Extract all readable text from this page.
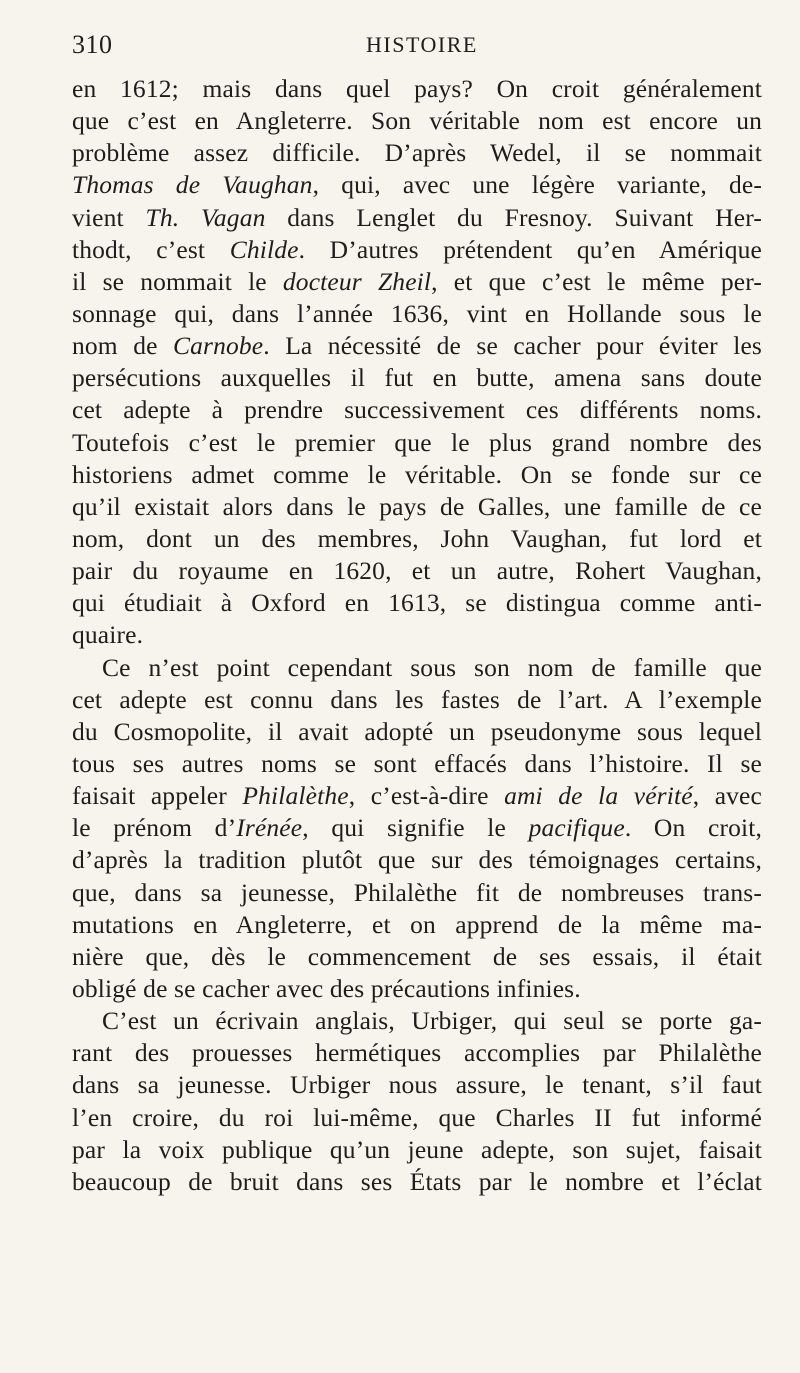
310	HISTOIRE
en 1612; mais dans quel pays? On croit généralement
que c’est en Angleterre. Son véritable nom est encore un
problème assez difficile. D’après Wedel, il se nommait
Thomas de Vaughan, qui, avec une légère variante, de-
vient Th. Vagan dans Lenglet du Fresnoy. Suivant Her-
thodt, c’est Childe. D’autres prétendent qu’en Amérique
il se nommait le docteur Zheil, et que c’est le même per-
sonnage qui, dans l’année 1636, vint en Hollande sous le
nom de Carnobe. La nécessité de se cacher pour éviter les
persécutions auxquelles il fut en butte, amena sans doute
cet adepte à prendre successivement ces différents noms.
Toutefois c’est le premier que le plus grand nombre des
historiens admet comme le véritable. On se fonde sur ce
qu’il existait alors dans le pays de Galles, une famille de ce
nom, dont un des membres, John Vaughan, fut lord et
pair du royaume en 1620, et un autre, Rohert Vaughan,
qui étudiait à Oxford en 1613, se distingua comme anti-
quaire.
Ce n’est point cependant sous son nom de famille que
cet adepte est connu dans les fastes de l’art. A l’exemple
du Cosmopolite, il avait adopté un pseudonyme sous lequel
tous ses autres noms se sont effacés dans l’histoire. Il se
faisait appeler Philalèthe, c’est-à-dire ami de la vérité, avec
le prénom d’Irénée, qui signifie le pacifique. On croit,
d’après la tradition plutôt que sur des témoignages certains,
que, dans sa jeunesse, Philalèthe fit de nombreuses trans-
mutations en Angleterre, et on apprend de la même ma-
nière que, dès le commencement de ses essais, il était
obligé de se cacher avec des précautions infinies.
C’est un écrivain anglais, Urbiger, qui seul se porte ga-
rant des prouesses hermétiques accomplies par Philalèthe
dans sa jeunesse. Urbiger nous assure, le tenant, s’il faut
l’en croire, du roi lui-même, que Charles II fut informé
par la voix publique qu’un jeune adepte, son sujet, faisait
beaucoup de bruit dans ses États par le nombre et l’éclat
